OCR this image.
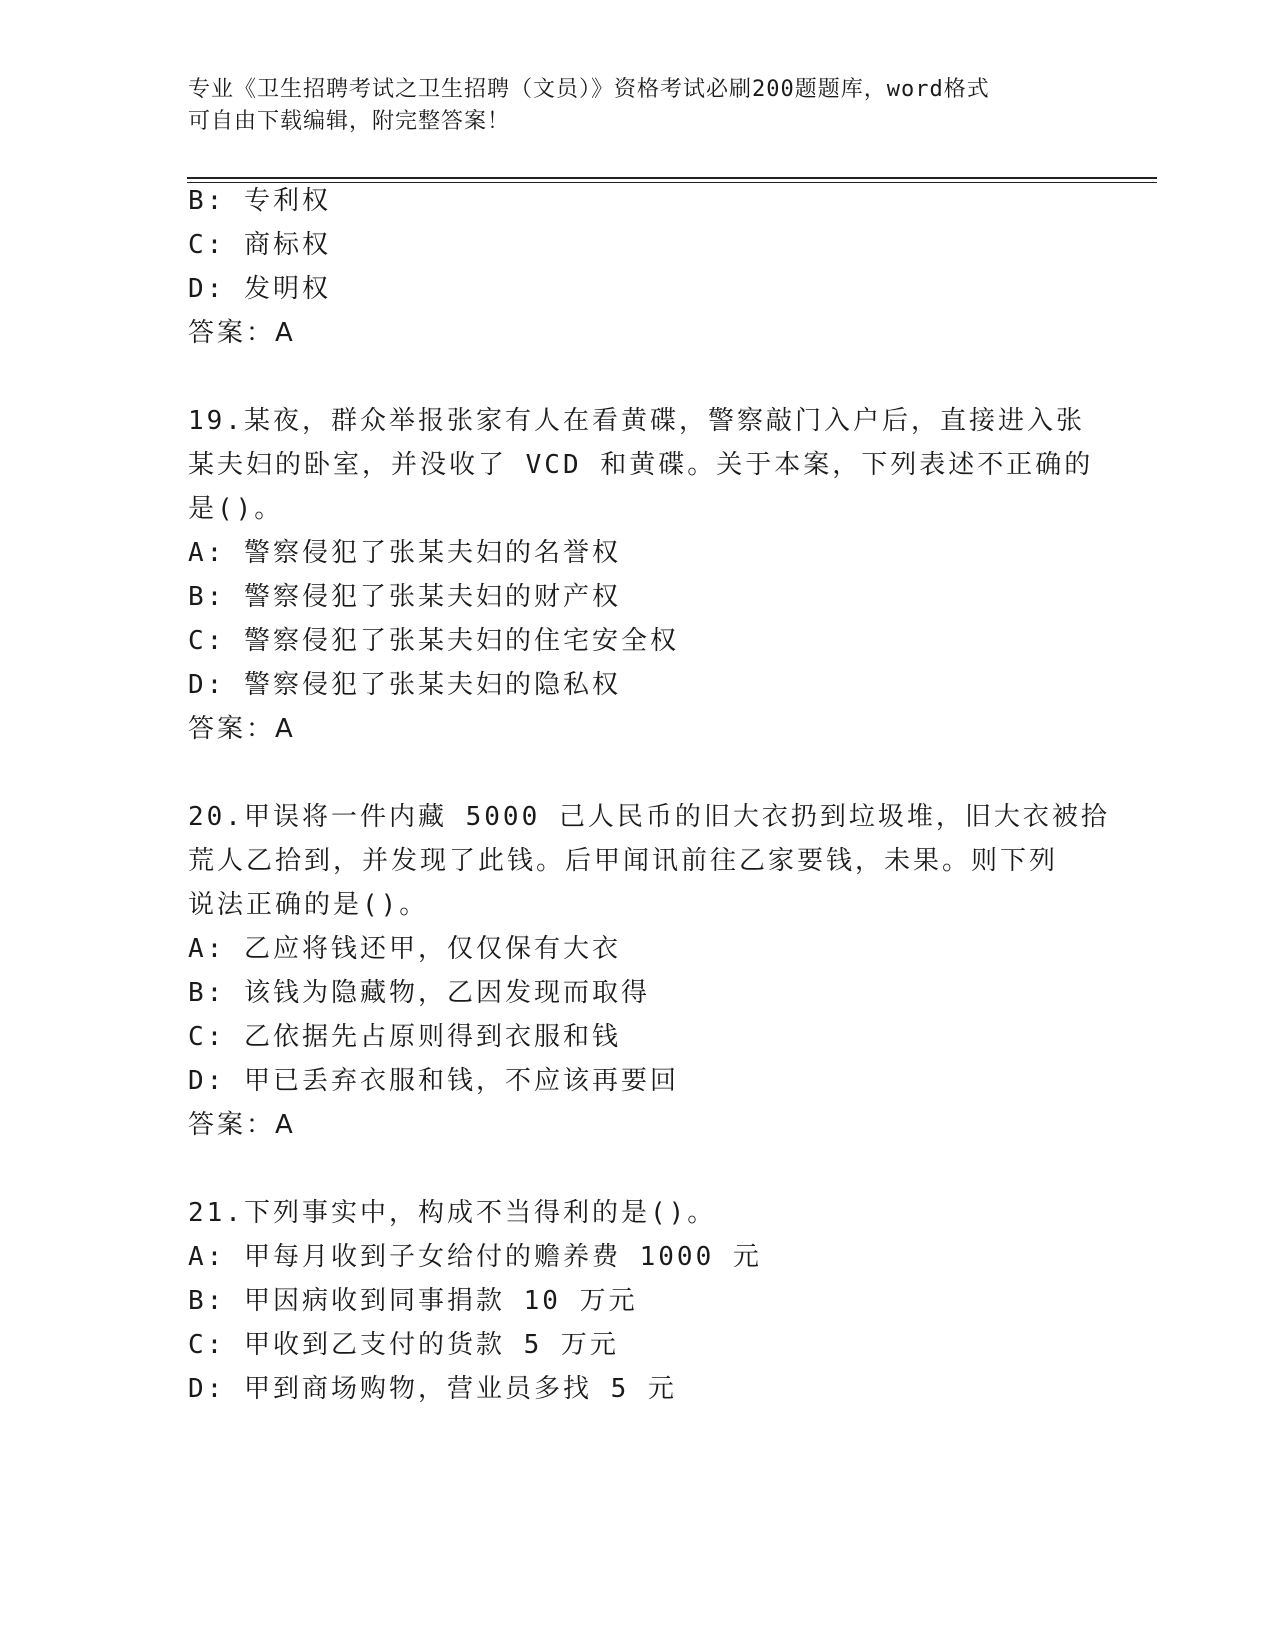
专业《卫生招聘考试之卫生招聘（文员）》资格考试必刷200题题库，word格式
可自由下载编辑，附完整答案！
B: 专利权
C: 商标权
D: 发明权
答案：A
19.某夜，群众举报张家有人在看黄碟，警察敲门入户后，直接进入张
某夫妇的卧室，并没收了 VCD 和黄碟。关于本案，下列表述不正确的
是()。
A: 警察侵犯了张某夫妇的名誉权
B: 警察侵犯了张某夫妇的财产权
C: 警察侵犯了张某夫妇的住宅安全权
D: 警察侵犯了张某夫妇的隐私权
答案：A
20.甲误将一件内藏 5000 己人民币的旧大衣扔到垃圾堆，旧大衣被拾
荒人乙拾到，并发现了此钱。后甲闻讯前往乙家要钱，未果。则下列
说法正确的是()。
A: 乙应将钱还甲，仅仅保有大衣
B: 该钱为隐藏物，乙因发现而取得
C: 乙依据先占原则得到衣服和钱
D: 甲已丢弃衣服和钱，不应该再要回
答案：A
21.下列事实中，构成不当得利的是()。
A: 甲每月收到子女给付的赡养费 1000 元
B: 甲因病收到同事捐款 10 万元
C: 甲收到乙支付的货款 5 万元
D: 甲到商场购物，营业员多找 5 元
